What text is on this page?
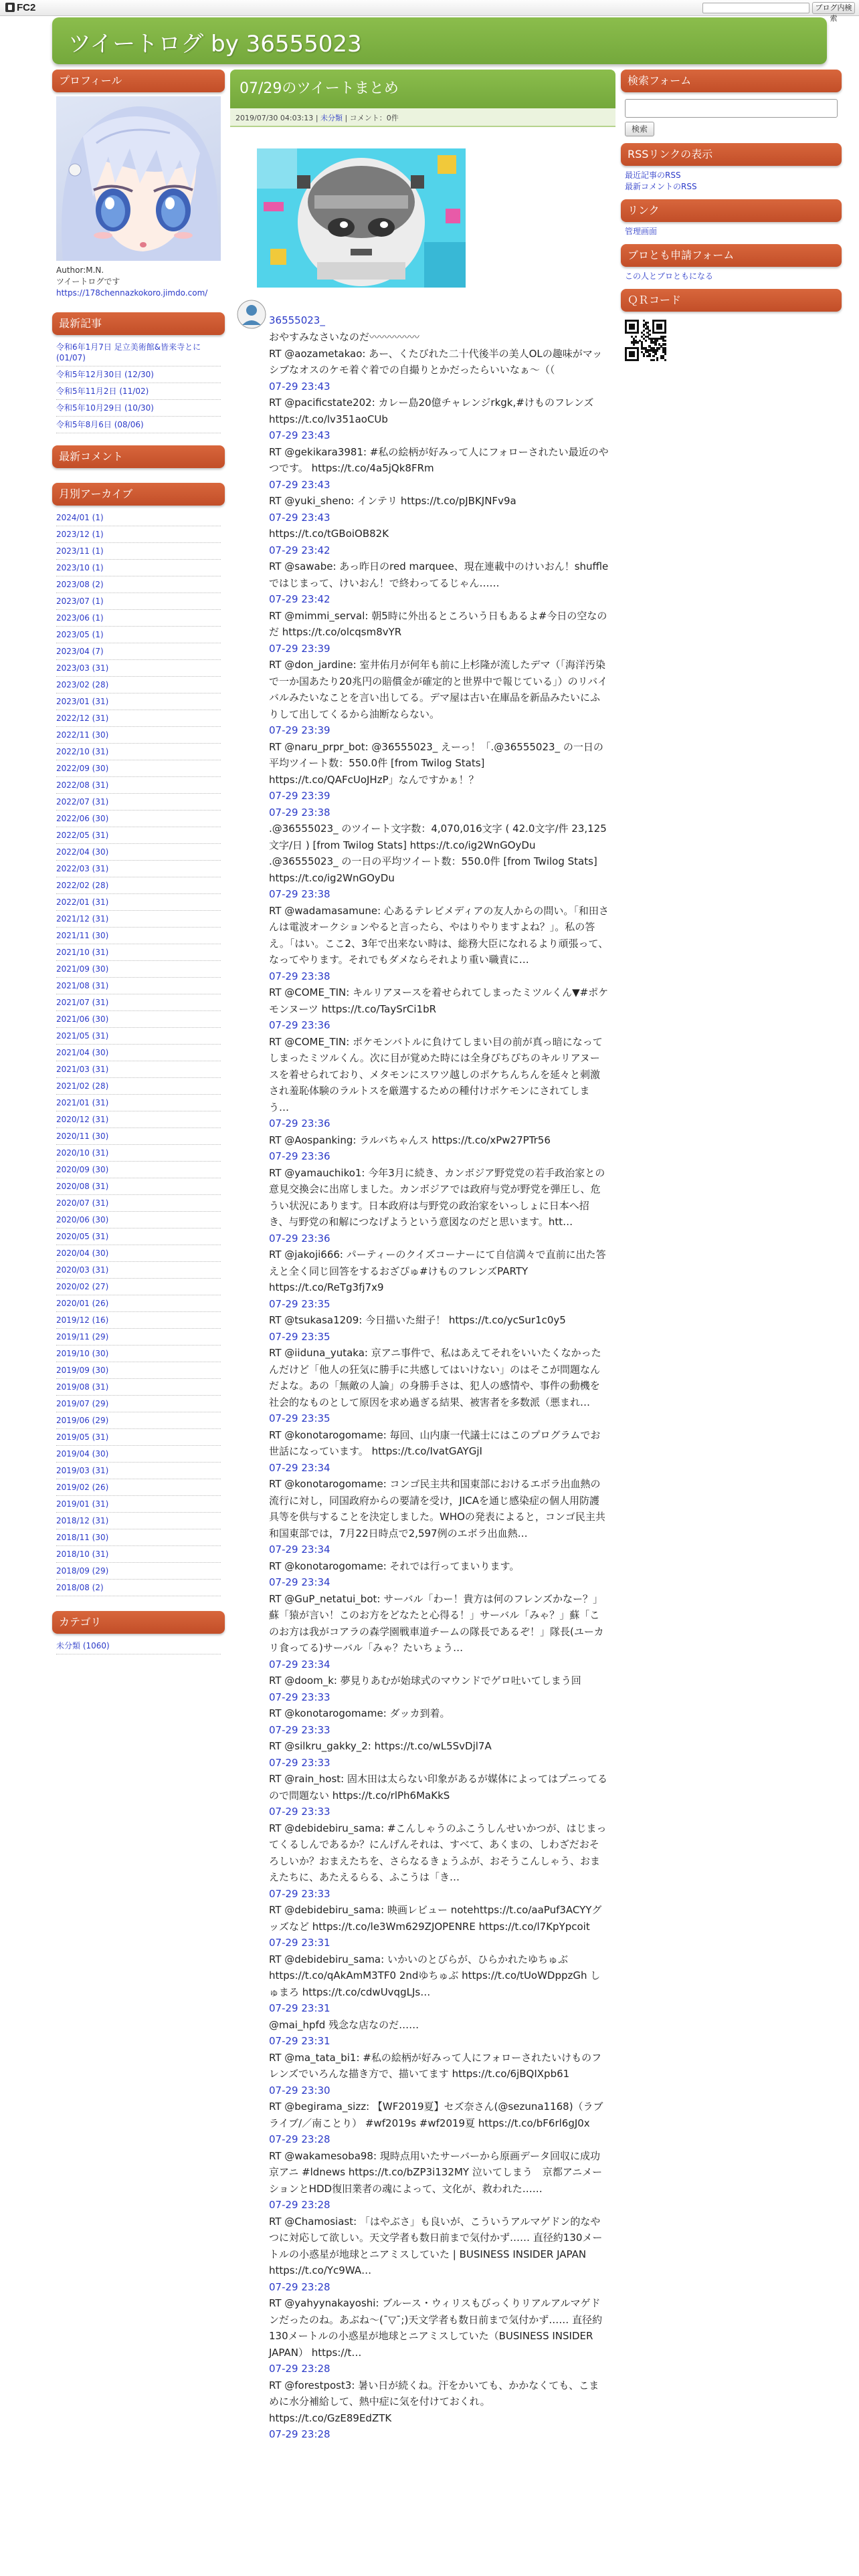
FC2	ブログ内検索
ツイートログ by 36555023
プロフィール
Author:M.N.
ツイートログです
https://178chennazkokoro.jimdo.com/
最新記事
令和6年1月7日 足立美術館&皆来寺とに (01/07)
令和5年12月30日 (12/30)
令和5年11月2日 (11/02)
令和5年10月29日 (10/30)
令和5年8月6日 (08/06)
最新コメント
月別アーカイブ
2024/01 (1)
2023/12 (1)
2023/11 (1)
2023/10 (1)
2023/08 (2)
2023/07 (1)
2023/06 (1)
2023/05 (1)
2023/04 (7)
2023/03 (31)
2023/02 (28)
2023/01 (31)
2022/12 (31)
2022/11 (30)
2022/10 (31)
2022/09 (30)
2022/08 (31)
2022/07 (31)
2022/06 (30)
2022/05 (31)
2022/04 (30)
2022/03 (31)
2022/02 (28)
2022/01 (31)
2021/12 (31)
2021/11 (30)
2021/10 (31)
2021/09 (30)
2021/08 (31)
2021/07 (31)
2021/06 (30)
2021/05 (31)
2021/04 (30)
2021/03 (31)
2021/02 (28)
2021/01 (31)
2020/12 (31)
2020/11 (30)
2020/10 (31)
2020/09 (30)
2020/08 (31)
2020/07 (31)
2020/06 (30)
2020/05 (31)
2020/04 (30)
2020/03 (31)
2020/02 (27)
2020/01 (26)
2019/12 (16)
2019/11 (29)
2019/10 (30)
2019/09 (30)
2019/08 (31)
2019/07 (29)
2019/06 (29)
2019/05 (31)
2019/04 (30)
2019/03 (31)
2019/02 (26)
2019/01 (31)
2018/12 (31)
2018/11 (30)
2018/10 (31)
2018/09 (29)
2018/08 (2)
カテゴリ
未分類 (1060)
07/29のツイートまとめ
2019/07/30 04:03:13 | 未分類 | コメント：0件
36555023_
おやすみなさいなのだ〰〰〰〰〰
RT @aozametakao: あー、くたびれた二十代後半の美人OLの趣味がマッシブなオスのケモ着ぐ着での自撮りとかだったらいいなぁ〜（（
07-29 23:43
RT @pacificstate202: カレー島20億チャレンジrkgk,#けものフレンズ https://t.co/lv351aoCUb
07-29 23:43
RT @gekikara3981: #私の絵柄が好みって人にフォローされたい最近のやつです。 https://t.co/4a5jQk8FRm
07-29 23:43
RT @yuki_sheno: インテリ https://t.co/pJBKJNFv9a
07-29 23:43
https://t.co/tGBoiOB82K
07-29 23:42
RT @sawabe: あっ昨日のred marquee、現在連載中のけいおん！shuffleではじまって、けいおん！で終わってるじゃん……
07-29 23:42
RT @mimmi_serval: 朝5時に外出るところいう日もあるよ#今日の空なのだ https://t.co/olcqsm8vYR
07-29 23:39
RT @don_jardine: 室井佑月が何年も前に上杉隆が流したデマ（「海洋汚染で一か国あたり20兆円の賠償金が確定的と世界中で報じている」）のリバイバルみたいなことを言い出してる。デマ屋は古い在庫品を新品みたいにふりして出してくるから油断ならない。
07-29 23:39
RT @naru_prpr_bot: @36555023_ えーっ！「.@36555023_ の一日の平均ツイート数：550.0件 [from Twilog Stats] https://t.co/QAFcUoJHzP」なんですかぁ！？
07-29 23:39
07-29 23:38
.@36555023_ のツイート文字数：4,070,016文字 ( 42.0文字/件 23,125文字/日 ) [from Twilog Stats] https://t.co/ig2WnGOyDu
.@36555023_ の一日の平均ツイート数：550.0件 [from Twilog Stats] https://t.co/ig2WnGOyDu
07-29 23:38
RT @wadamasamune: 心あるテレビメディアの友人からの問い。「和田さんは電波オークションやると言ったら、やはりやりますよね？」。私の答え。「はい。ここ2、3年で出来ない時は、総務大臣になれるより頑張って、なってやります。それでもダメならそれより重い職責に…
07-29 23:38
RT @COME_TIN: キルリアヌースを着せられてしまったミツルくん▼#ポケモンヌーツ https://t.co/TaySrCi1bR
07-29 23:36
RT @COME_TIN: ポケモンバトルに負けてしまい目の前が真っ暗になってしまったミツルくん。次に目が覚めた時には全身ぴちぴちのキルリアヌースを着せられており、メタモンにスワツ越しのポケちんちんを延々と刺激され羞恥体験のラルトスを厳選するための種付けポケモンにされてしまう…
07-29 23:36
RT @Aospanking: ラルバちゃんス https://t.co/xPw27PTr56
07-29 23:36
RT @yamauchiko1: 今年3月に続き、カンボジア野党党の若手政治家との意見交換会に出席しました。カンボジアでは政府与党が野党を弾圧し、危うい状況にあります。日本政府は与野党の政治家をいっしょに日本へ招き、与野党の和解につなげようという意図なのだと思います。htt…
07-29 23:36
RT @jakoji666: パーティーのクイズコーナーにて自信満々で直前に出た答えと全く同じ回答をするおざぴゅ#けものフレンズPARTY https://t.co/ReTg3fj7x9
07-29 23:35
RT @tsukasa1209: 今日描いた紺子！ https://t.co/ycSur1c0y5
07-29 23:35
RT @iiduna_yutaka: 京アニ事件で、私はあえてそれをいいたくなかったんだけど「他人の狂気に勝手に共感してはいけない」のはそこが問題なんだよな。あの「無敵の人論」の身勝手さは、犯人の感情や、事件の動機を社会的なものとして原因を求め過ぎる結果、被害者を多数派（悪まれ…
07-29 23:35
RT @konotarogomame: 毎回、山内康一代議士にはこのプログラムでお世話になっています。 https://t.co/IvatGAYGjI
07-29 23:34
RT @konotarogomame: コンゴ民主共和国東部におけるエボラ出血熱の流行に対し，同国政府からの要請を受け，JICAを通じ感染症の個人用防護具等を供与することを決定しました。WHOの発表によると，コンゴ民主共和国東部では，7月22日時点で2,597例のエボラ出血熱…
07-29 23:34
RT @konotarogomame: それでは行ってまいります。
07-29 23:34
RT @GuP_netatui_bot: サーバル「わー！貴方は何のフレンズかなー？」蘇「猿が言い！このお方をどなたと心得る！」サーバル「みゃ？」蘇「このお方は我がコアラの森学園戦車道チームの隊長であるぞ！」隊長(ユーカリ食ってる)サーバル「みゃ？たいちょう…
07-29 23:34
RT @doom_k: 夢見りあむが始球式のマウンドでゲロ吐いてしまう回
07-29 23:33
RT @konotarogomame: ダッカ到着。
07-29 23:33
RT @silkru_gakky_2: https://t.co/wL5SvDjl7A
07-29 23:33
RT @rain_host: 固木田は太らない印象があるが媒体によってはプニってるので問題ない https://t.co/rlPh6MaKkS
07-29 23:33
RT @debidebiru_sama: #こんしゃうのふこうしんせいかつが、はじまってくるしんであるか？にんげんそれは、すべて、あくまの、しわざだおそろしいか？おまえたちを、さらなるきょうふが、おそうこんしゃう、おまえたちに、あたえるらる、ふこうは「き…
07-29 23:33
RT @debidebiru_sama: 映画レビュー notehttps://t.co/aaPuf3ACYYグッズなど https://t.co/le3Wm629ZJOPENRE https://t.co/l7KpYpcoit
07-29 23:31
RT @debidebiru_sama: いかいのとびらが、ひらかれたゆちゅぶ https://t.co/qAkAmM3TF0 2ndゆちゅぶ https://t.co/tUoWDppzGh しゅまろ https://t.co/cdwUvqgLJs…
07-29 23:31
@mai_hpfd 残念な店なのだ……
07-29 23:31
RT @ma_tata_bi1: #私の絵柄が好みって人にフォローされたいけものフレンズでいろんな描き方で、描いてます https://t.co/6jBQIXpb61
07-29 23:30
RT @begirama_sizz: 【WF2019夏】セズ奈さん(@sezuna1168)（ラブライブ/／南ことり） #wf2019s #wf2019夏 https://t.co/bF6rl6gJ0x
07-29 23:28
RT @wakamesoba98: 現時点用いたサーバーから原画データ回収に成功　京アニ #ldnews https://t.co/bZP3i132MY 泣いてしまう　京都アニメーションとHDD復旧業者の魂によって、文化が、救われた……
07-29 23:28
RT @Chamosiast: 「はやぶさ」も良いが、こういうアルマゲドン的なやつに対応して欲しい。天文学者も数日前まで気付かず…… 直径約130メートルの小惑星が地球とニアミスしていた | BUSINESS INSIDER JAPAN https://t.co/Yc9WA…
07-29 23:28
RT @yahyynakayoshi: ブルース・ウィリスもびっくりリアルアルマゲドンだったのね。あぶね〜(¯▽¯;)天文学者も数日前まで気付かず…… 直径約130メートルの小惑星が地球とニアミスしていた（BUSINESS INSIDER JAPAN） https://t…
07-29 23:28
RT @forestpost3: 暑い日が続くね。汗をかいても、かかなくても、こまめに水分補給して、熱中症に気を付けておくれ。 https://t.co/GzE89EdZTK
07-29 23:28
検索フォーム
検索
RSSリンクの表示
最近記事のRSS
最新コメントのRSS
リンク
管理画面
ブロとも申請フォーム
この人とブロともになる
ＱＲコード
